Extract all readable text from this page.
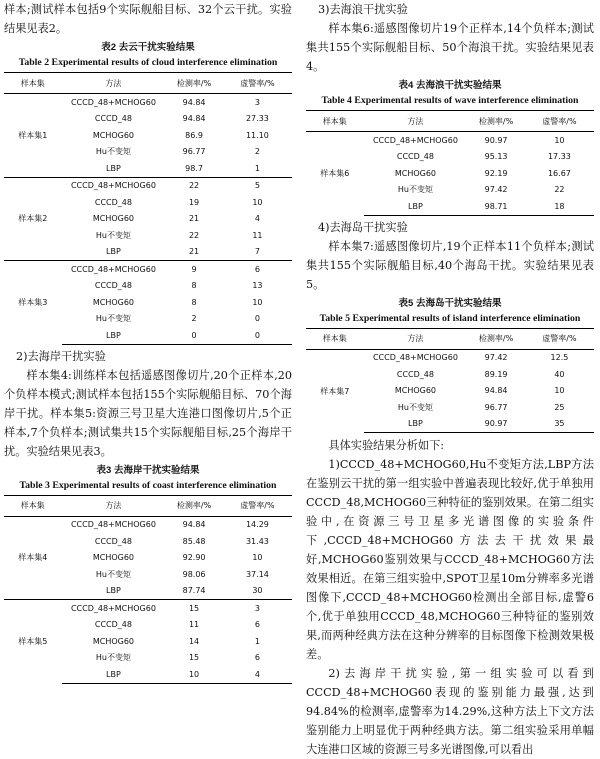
样本;测试样本包括9个实际舰船目标、32个云干扰。实验结果见表2。

表2 去云干扰实验结果
Table 2 Experimental results of cloud interference elimination
样本集	方法	检测率/%	虚警率/%
样本集1	CCCD_48+MCHOG60	94.84	3
	CCCD_48	94.84	27.33
	MCHOG60	86.9	11.10
	Hu不变矩	96.77	2
	LBP	98.7	1
样本集2	CCCD_48+MCHOG60	22	5
	CCCD_48	19	10
	MCHOG60	21	4
	Hu不变矩	22	11
	LBP	21	7
样本集3	CCCD_48+MCHOG60	9	6
	CCCD_48	8	13
	MCHOG60	8	10
	Hu不变矩	2	0
	LBP	0	0

2)去海岸干扰实验

样本集4:训练样本包括遥感图像切片,20个正样本,20个负样本模式;测试样本包括155个实际舰船目标、70个海岸干扰。样本集5:资源三号卫星大连港口图像切片,5个正样本,7个负样本;测试集共15个实际舰船目标,25个海岸干扰。实验结果见表3。

表3 去海岸干扰实验结果
Table 3 Experimental results of coast interference elimination
样本集	方法	检测率/%	虚警率/%
样本集4	CCCD_48+MCHOG60	94.84	14.29
	CCCD_48	85.48	31.43
	MCHOG60	92.90	10
	Hu不变矩	98.06	37.14
	LBP	87.74	30
样本集5	CCCD_48+MCHOG60	15	3
	CCCD_48	11	6
	MCHOG60	14	1
	Hu不变矩	15	6
	LBP	10	4

3)去海浪干扰实验

样本集6:遥感图像切片19个正样本,14个负样本;测试集共155个实际舰船目标、50个海浪干扰。实验结果见表4。

表4 去海浪干扰实验结果
Table 4 Experimental results of wave interference elimination
样本集	方法	检测率/%	虚警率/%
样本集6	CCCD_48+MCHOG60	90.97	10
	CCCD_48	95.13	17.33
	MCHOG60	92.19	16.67
	Hu不变矩	97.42	22
	LBP	98.71	18

4)去海岛干扰实验

样本集7:遥感图像切片,19个正样本11个负样本;测试集共155个实际舰船目标,40个海岛干扰。实验结果见表5。

表5 去海岛干扰实验结果
Table 5 Experimental results of island interference elimination
样本集	方法	检测率/%	虚警率/%
样本集7	CCCD_48+MCHOG60	97.42	12.5
	CCCD_48	89.19	40
	MCHOG60	94.84	10
	Hu不变矩	96.77	25
	LBP	90.97	35

具体实验结果分析如下:

1)CCCD_48+MCHOG60,Hu不变矩方法,LBP方法在鉴别云干扰的第一组实验中普遍表现比较好,优于单独用CCCD_48,MCHOG60三种特征的鉴别效果。在第二组实验中,在资源三号卫星多光谱图像的实验条件下,CCCD_48+MCHOG60方法去干扰效果最好,MCHOG60鉴别效果与CCCD_48+MCHOG60方法效果相近。在第三组实验中,SPOT卫星10m分辨率多光谱图像下,CCCD_48+MCHOG60检测出全部目标,虚警6个,优于单独用CCCD_48,MCHOG60三种特征的鉴别效果,而两种经典方法在这种分辨率的目标图像下检测效果极差。

2)去海岸干扰实验,第一组实验可以看到CCCD_48+MCHOG60表现的鉴别能力最强,达到94.84%的检测率,虚警率为14.29%,这种方法上下文方法鉴别能力上明显优于两种经典方法。第二组实验采用单幅大连港口区域的资源三号多光谱图像,可以看出
